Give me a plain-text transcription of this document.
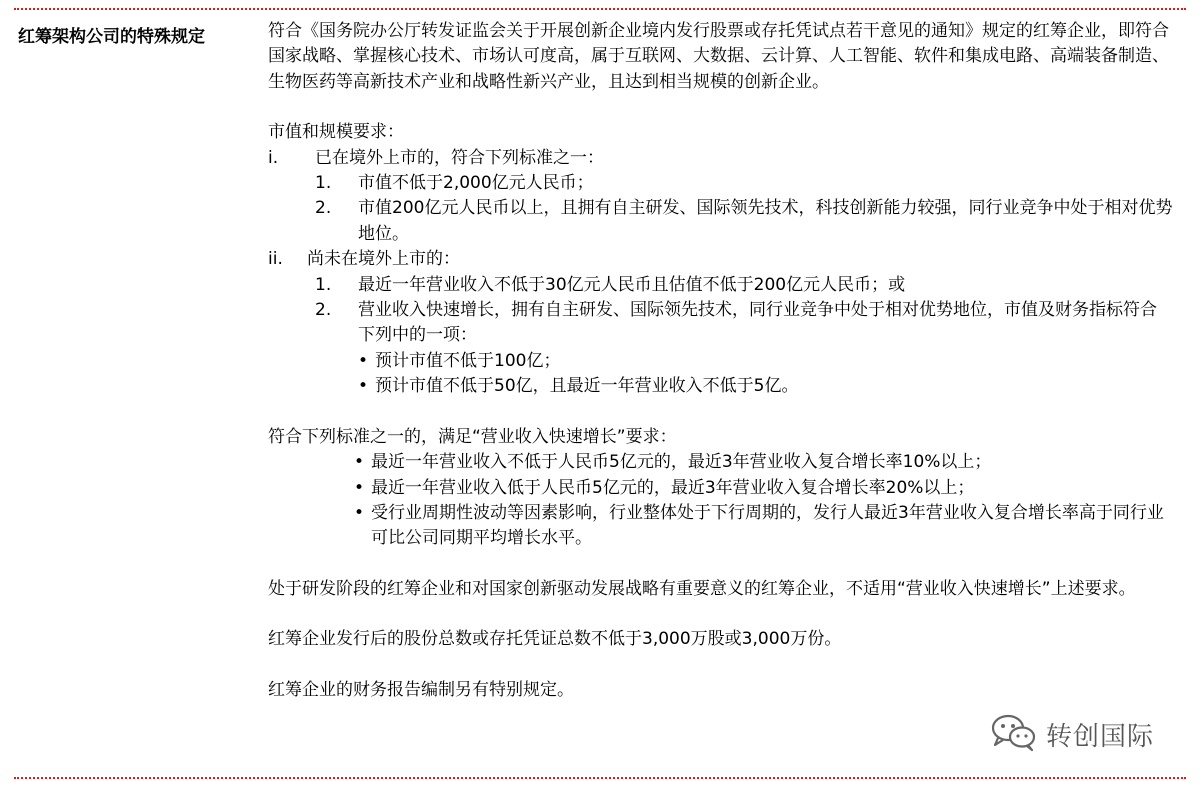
红筹架构公司的特殊规定	符合《国务院办公厅转发证监会关于开展创新企业境内发行股票或存托凭试点若干意见的通知》规定的红筹企业，即符合国家战略、掌握核心技术、市场认可度高，属于互联网、大数据、云计算、人工智能、软件和集成电路、高端装备制造、生物医药等高新技术产业和战略性新兴产业，且达到相当规模的创新企业。

市值和规模要求：

i.	已在境外上市的，符合下列标准之一：
1.	市值不低于2,000亿元人民币；
2.	市值200亿元人民币以上，且拥有自主研发、国际领先技术，科技创新能力较强，同行业竞争中处于相对优势地位。
ii.	尚未在境外上市的：
1.	最近一年营业收入不低于30亿元人民币且估值不低于200亿元人民币；或
2.	营业收入快速增长，拥有自主研发、国际领先技术，同行业竞争中处于相对优势地位，市值及财务指标符合下列中的一项：
• 预计市值不低于100亿；
• 预计市值不低于50亿，且最近一年营业收入不低于5亿。

符合下列标准之一的，满足“营业收入快速增长”要求：

• 最近一年营业收入不低于人民币5亿元的，最近3年营业收入复合增长率10%以上；
• 最近一年营业收入低于人民币5亿元的，最近3年营业收入复合增长率20%以上；
• 受行业周期性波动等因素影响，行业整体处于下行周期的，发行人最近3年营业收入复合增长率高于同行业可比公司同期平均增长水平。

处于研发阶段的红筹企业和对国家创新驱动发展战略有重要意义的红筹企业，不适用“营业收入快速增长”上述要求。

红筹企业发行后的股份总数或存托凭证总数不低于3,000万股或3,000万份。

红筹企业的财务报告编制另有特别规定。

转创国际
